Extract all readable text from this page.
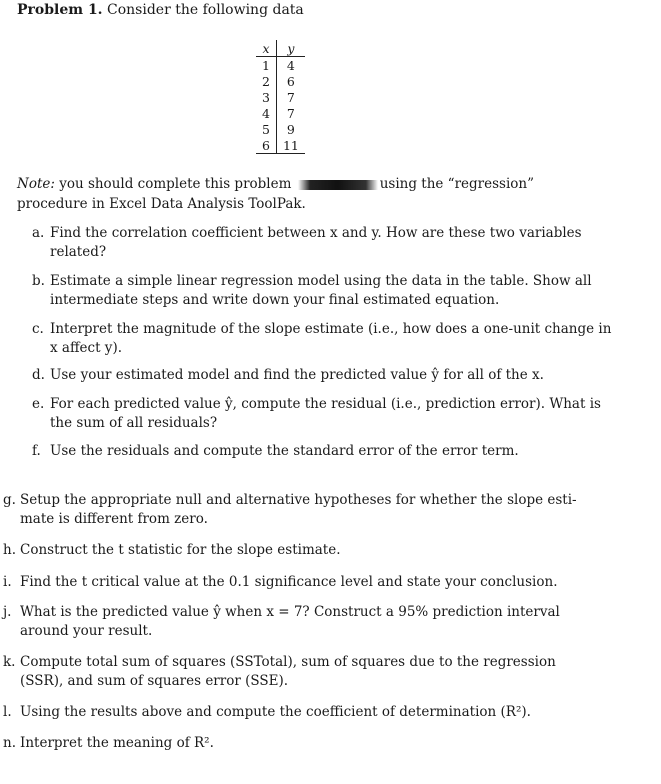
Problem 1. Consider the following data
x	y
1	4
2	6
3	7
4	7
5	9
6	11
Note: you should complete this problem	using the “regression” procedure in Excel Data Analysis ToolPak.
a. Find the correlation coefficient between x and y. How are these two variables
related?
b. Estimate a simple linear regression model using the data in the table. Show all
intermediate steps and write down your final estimated equation.
c. Interpret the magnitude of the slope estimate (i.e., how does a one-unit change in
x affect y).
d. Use your estimated model and find the predicted value ŷ for all of the x.
e. For each predicted value ŷ, compute the residual (i.e., prediction error). What is
the sum of all residuals?
f. Use the residuals and compute the standard error of the error term.
g. Setup the appropriate null and alternative hypotheses for whether the slope esti-
mate is different from zero.
h. Construct the t statistic for the slope estimate.
i. Find the t critical value at the 0.1 significance level and state your conclusion.
j. What is the predicted value ŷ when x = 7? Construct a 95% prediction interval
around your result.
k. Compute total sum of squares (SSTotal), sum of squares due to the regression
(SSR), and sum of squares error (SSE).
l. Using the results above and compute the coefficient of determination (R²).
n. Interpret the meaning of R².
